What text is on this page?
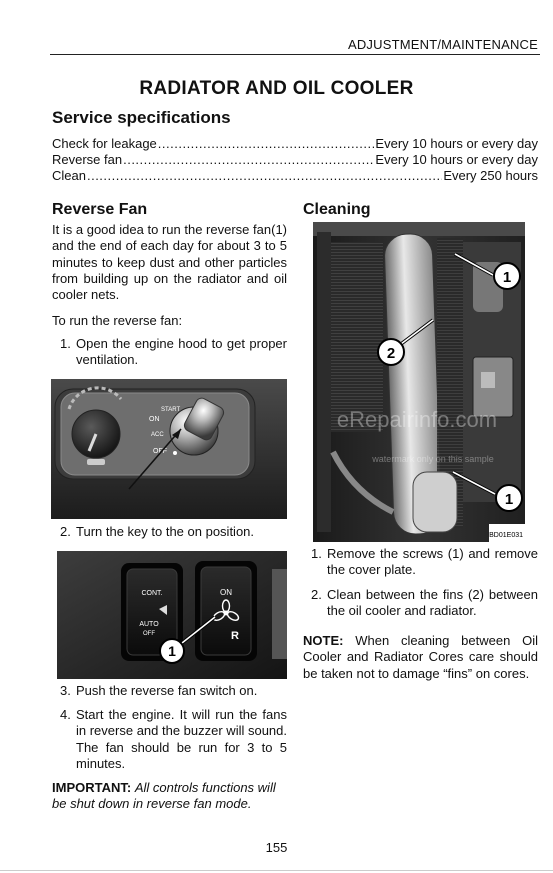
ADJUSTMENT/MAINTENANCE
RADIATOR AND OIL COOLER
Service specifications
Check for leakage .....	Every 10 hours or every day
Reverse fan .....	Every 10 hours or every day
Clean .....	Every 250 hours
Reverse Fan
It is a good idea to run the reverse fan(1) and the end of each day for about 3 to 5 minutes to keep dust and other particles from building up on the radiator and oil cooler nets.
To run the reverse fan:
1. Open the engine hood to get proper ventilation.
START
ON
ACC
OFF
2. Turn the key to the on position.
CONT.
AUTO
OFF
ON
R
1
3. Push the reverse fan switch on.
4. Start the engine. It will run the fans in reverse and the buzzer will sound. The fan should be run for 3 to 5 minutes.
IMPORTANT: All controls functions will be shut down in reverse fan mode.
Cleaning
eRepairinfo.com
watermark only on this sample
1
2
1
BD01E031
1. Remove the screws (1) and remove the cover plate.
2. Clean between the fins (2) between the oil cooler and radiator.
NOTE: When cleaning between Oil Cooler and Radiator Cores care should be taken not to damage “fins” on cores.
155
